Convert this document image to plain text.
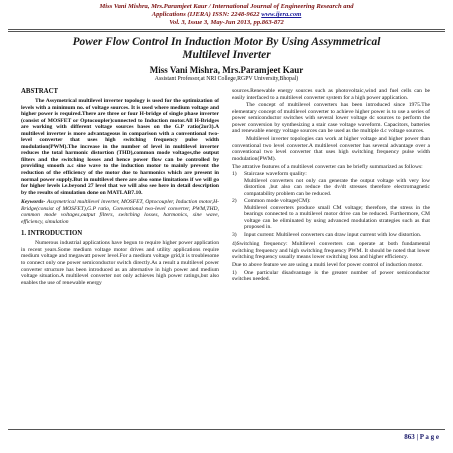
Miss Vani Mishra, Mrs.Paramjeet Kaur / International Journal of Engineering Research and
Applications (IJERA) ISSN: 2248-9622 www.ijera.com
Vol. 3, Issue 3, May-Jun 2013, pp.863-872
Power Flow Control In Induction Motor By Using Assymmetrical
Multilevel Inverter
Miss Vani Mishra, Mrs.Paramjeet Kaur
Assistant Professor,at NRI College,RGPV University,Bhopal)
ABSTRACT

The Assymetrical multilevel inverter topology is used for the optimization of levels with a minimum no. of voltage sources. It is used where medium voltage and higher power is required.There are three or four H-bridge of single phase inverter (consist of MOSFET or Optocoupler)connected to Induction motor.All H-Bridges are working with different voltage sources bases on the G.P ratio(2or3).A multilevel inverter is more advantageous in comparison with a conventional two-level converter that uses high switching frequency pulse width modulation(PWM).The increase in the number of level in multilevel inverter reduces the total harmonic distortion (THD),common mode voltages,the output filters and the switching losses and hence power flow can be controlled by providing smooth a.c sine wave to the induction motor to mainly prevent the reduction of the efficiency of the motor due to harmonics which are present in normal power supply.But in multilevel there are also some limitations if we will go for higher levels i.e.beyond 27 level that we will also see here in detail description by the results of simulation done on MATLAB7.10.

Keywords- Assymetrical multilevel inverter, MOSFET, Optocoupler, Induction motor,H-Bridge(consist of MOSFET),G.P ratio, Conventional two-level converter, PWM,THD, common mode voltages,output filters, switching losses, harmonics, sine wave, efficiency, simulation

1. INTRODUCTION

Numerous industrial applications have begun to require higher power application in recent years.Some medium voltage motor drives and utility applications require medium voltage and megawatt power level.For a medium voltage grid,it is troublesome to connect only one power semiconductor switch directly.As a result a multilevel power converter structure has been introduced as an alternative in high power and medium voltage situation.A multilevel converter not only achieves high power ratings,but also enables the use of renewable energy

sources.Renewable energy sources such as photovoltaic,wind and fuel cells can be easily interfaced to a multilevel converter system for a high power application.

The concept of multilevel converters has been introduced since 1975.The elementary concept of multilevel converter to achieve higher power is to use a series of power semiconductor switches with several lower voltage dc sources to perform the power conversion by synthesizing a stair case voltage waveform. Capacitors, batteries and renewable energy voltage sources can be used as the multiple d.c voltage sources.

Multilevel inverter topologies can work at higher voltage and higher power than conventional two level converter.A multilevel converter has several advantage over a conventional two level converter that uses high switching frequency pulse width modulation(PWM).

The attrative features of a multilevel converter can be briefly summarized as follows:

1) Staircase waveform quality:
Multilevel converters not only can generate the output voltage with very low distortion ,but also can reduce the dv/dt stresses therefore electromagnetic compatability problem can be reduced.
2) Common mode voltage(CM):
Multilevel converters produce small CM voltage; therefore, the stress in the bearings connected to a multilevel motor drive can be reduced. Furthermore, CM voltage can be eliminated by using advanced modulation strategies such as that proposed in.
3) Input current: Multilevel converters can draw input current with low distortion.

4)Switching frequency: Multilevel converters can operate at both fundamental switching frequency and high switching frequency PWM. It should be noted that lower switching frequency usually means lower switching loss and higher efficiency.

Due to above feature we are using a multi level for power control of induction motor.

1) One particular disadvantage is the greater number of power semiconductor switches needed.
863 | P a g e
